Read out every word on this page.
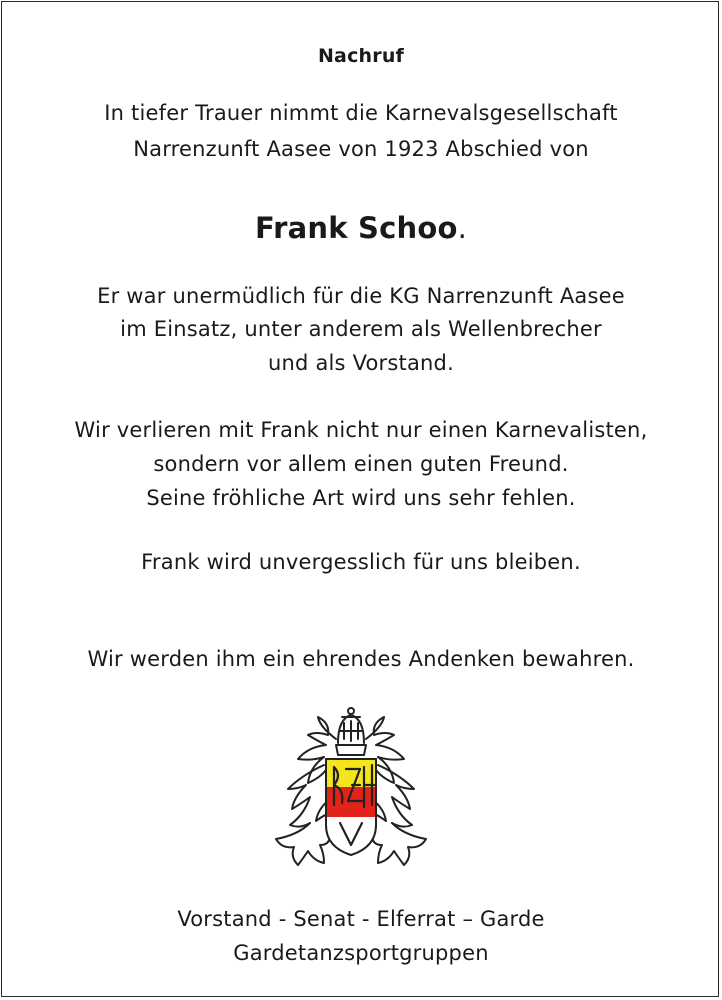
Nachruf
In tiefer Trauer nimmt die Karnevalsgesellschaft
Narrenzunft Aasee von 1923 Abschied von
Frank Schoo.
Er war unermüdlich für die KG Narrenzunft Aasee
im Einsatz, unter anderem als Wellenbrecher
und als Vorstand.
Wir verlieren mit Frank nicht nur einen Karnevalisten,
sondern vor allem einen guten Freund.
Seine fröhliche Art wird uns sehr fehlen.
Frank wird unvergesslich für uns bleiben.
Wir werden ihm ein ehrendes Andenken bewahren.
Vorstand - Senat - Elferrat – Garde
Gardetanzsportgruppen
